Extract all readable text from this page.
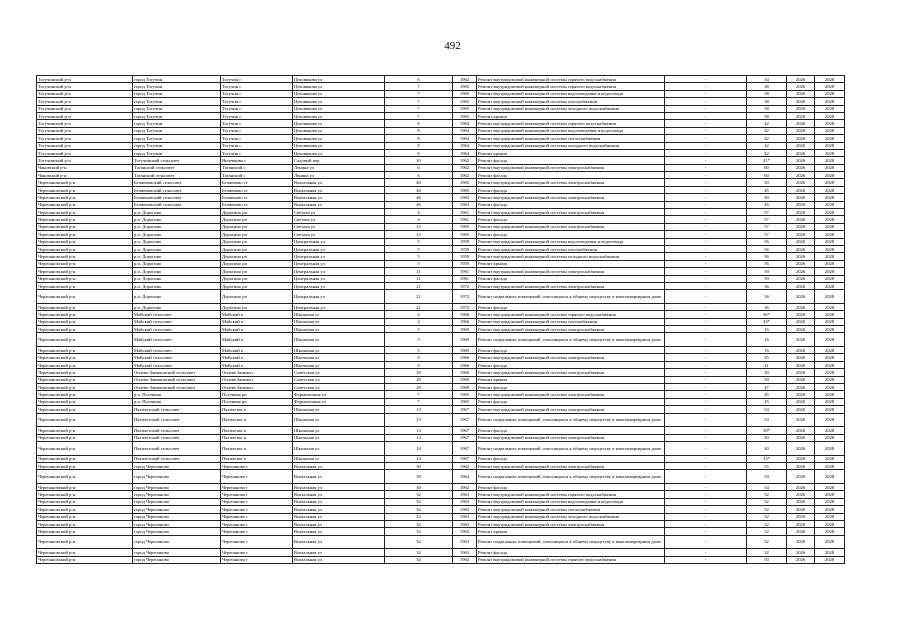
492
Тогучинский р-н	город Тогучин	Тогучин г	Цеховикова ул	6	1962	Ремонт внутридомовой инженерной системы горячего водоснабжения	-	34	2026	2028
Тогучинский р-н	город Тогучин	Тогучин г	Цеховикова ул	7	1965	Ремонт внутридомовой инженерной системы горячего водоснабжения	-	38	2026	2028
Тогучинский р-н	город Тогучин	Тогучин г	Цеховикова ул	7	1965	Ремонт внутридомовой инженерной системы водоотведения и водоотвода	-	38	2026	2028
Тогучинский р-н	город Тогучин	Тогучин г	Цеховикова ул	7	1965	Ремонт внутридомовой инженерной системы газоснабжения	-	38	2026	2028
Тогучинский р-н	город Тогучин	Тогучин г	Цеховикова ул	7	1965	Ремонт внутридомовой инженерной системы холодного водоснабжения	-	38	2026	2028
Тогучинский р-н	город Тогучин	Тогучин г	Цеховикова ул	7	1965	Ремонт крыши	-	38	2026	2028
Тогучинский р-н	город Тогучин	Тогучин г	Цеховикова ул	8	1964	Ремонт внутридомовой инженерной системы горячего водоснабжения	-	42	2026	2028
Тогучинский р-н	город Тогучин	Тогучин г	Цеховикова ул	8	1964	Ремонт внутридомовой инженерной системы водоотведения и водоотвода	-	42	2026	2028
Тогучинский р-н	город Тогучин	Тогучин г	Цеховикова ул	8	1964	Ремонт внутридомовой инженерной системы теплоснабжения	-	42	2026	2028
Тогучинский р-н	город Тогучин	Тогучин г	Цеховикова ул	8	1964	Ремонт внутридомовой инженерной системы холодного водоснабжения	-	42	2026	2028
Тогучинский р-н	город Тогучин	Тогучин г	Цеховикова ул	8	1964	Ремонт крыши	-	42	2026	2028
Тогучинский р-н	Тогучинский сельсовет	Янченково с	Садовый пер	10	1962	Ремонт фасада	-	41*	2026	2028
Чановский р-н	Таганский сельсовет	Таганский с	Ленина ул	6	1962	Ремонт внутридомовой инженерной системы электроснабжения	-	60	2026	2028
Чановский р-н	Таганский сельсовет	Таганский с	Ленина ул	6	1962	Ремонт фасада	-	60	2026	2028
Черепановский р-н	Безменовский сельсовет	Безменово ст	Вокзальная ул	40	1965	Ремонт внутридомовой инженерной системы электроснабжения	-	50	2026	2028
Черепановский р-н	Безменовский сельсовет	Безменово ст	Вокзальная ул	40	1965	Ремонт фасада	-	45	2026	2028
Черепановский р-н	Безменовский сельсовет	Безменово ст	Вокзальная ул	46	1963	Ремонт внутридомовой инженерной системы электроснабжения	-	50	2026	2028
Черепановский р-н	Безменовский сельсовет	Безменово ст	Вокзальная ул	46	1963	Ремонт фасада	-	45	2026	2028
Черепановский р-н	р.п. Дорогино	Дорогино рп	Светлая ул	4	1961	Ремонт внутридомовой инженерной системы электроснабжения	-	57	2026	2028
Черепановский р-н	р.п. Дорогино	Дорогино рп	Светлая ул	4	1961	Ремонт фасада	-	57	2026	2028
Черепановский р-н	р.п. Дорогино	Дорогино рп	Светлая ул	12	1965	Ремонт внутридомовой инженерной системы электроснабжения	-	57	2026	2028
Черепановский р-н	р.п. Дорогино	Дорогино рп	Светлая ул	12	1965	Ремонт фасада	-	57	2026	2028
Черепановский р-н	р.п. Дорогино	Дорогино рп	Центральная ул	5	1959	Ремонт внутридомовой инженерной системы водоотведения и водоотвода	-	56	2026	2028
Черепановский р-н	р.п. Дорогино	Дорогино рп	Центральная ул	5	1959	Ремонт внутридомовой инженерной системы газоснабжения	-	56	2026	2028
Черепановский р-н	р.п. Дорогино	Дорогино рп	Центральная ул	5	1959	Ремонт внутридомовой инженерной системы холодного водоснабжения	-	56	2026	2028
Черепановский р-н	р.п. Дорогино	Дорогино рп	Центральная ул	5	1959	Ремонт крыши	-	56	2026	2028
Черепановский р-н	р.п. Дорогино	Дорогино рп	Центральная ул	11	1961	Ремонт внутридомовой инженерной системы электроснабжения	-	39	2026	2028
Черепановский р-н	р.п. Дорогино	Дорогино рп	Центральная ул	11	1961	Ремонт фасада	-	39	2026	2028
Черепановский р-н	р.п. Дорогино	Дорогино рп	Центральная ул	21	1972	Ремонт внутридомовой инженерной системы электроснабжения	-	36	2026	2028
Черепановский р-н	р.п. Дорогино	Дорогино рп	Центральная ул	21	1972	Ремонт подвальных помещений, относящихся к общему имуществу в многоквартирном доме	-	36	2026	2028
Черепановский р-н	р.п. Дорогино	Дорогино рп	Центральная ул	21	1972	Ремонт фасада	-	36	2026	2028
Черепановский р-н	Майский сельсовет	Майский п	Школьная ул	4	1966	Ремонт внутридомовой инженерной системы горячего водоснабжения	-	36*	2026	2028
Черепановский р-н	Майский сельсовет	Майский п	Школьная ул	4	1966	Ремонт внутридомовой инженерной системы газоснабжения	-	33*	2026	2028
Черепановский р-н	Майский сельсовет	Майский п	Школьная ул	5	1969	Ремонт внутридомовой инженерной системы электроснабжения	-	16	2026	2028
Черепановский р-н	Майский сельсовет	Майский п	Школьная ул	5	1969	Ремонт подвальных помещений, относящихся к общему имуществу в многоквартирном доме	-	16	2026	2028
Черепановский р-н	Майский сельсовет	Майский п	Школьная ул	5	1969	Ремонт фасада	-	16	2026	2028
Черепановский р-н	Майский сельсовет	Майский п	Школьная ул	9	1966	Ремонт внутридомовой инженерной системы электроснабжения	-	25	2026	2028
Черепановский р-н	Майский сельсовет	Майский п	Школьная ул	9	1966	Ремонт фасада	-	21	2026	2028
Черепановский р-н	Огнево-Заимковский сельсовет	Огнева Заимка с	Советская ул	29	1960	Ремонт внутридомовой инженерной системы электроснабжения	-	50	2026	2028
Черепановский р-н	Огнево-Заимковский сельсовет	Огнева Заимка с	Советская ул	29	1960	Ремонт крыши	-	50	2026	2028
Черепановский р-н	Огнево-Заимковский сельсовет	Огнева Заимка с	Советская ул	29	1960	Ремонт фасада	-	47	2026	2028
Черепановский р-н	р.п. Посевная	Посевная рп	Формовочная ул	7	1965	Ремонт внутридомовой инженерной системы электроснабжения	-	45	2026	2028
Черепановский р-н	р.п. Посевная	Посевная рп	Формовочная ул	7	1965	Ремонт фасада	-	45	2026	2028
Черепановский р-н	Пятилетский сельсовет	Пятилетка п	Школьная ул	13	1967	Ремонт внутридомовой инженерной системы электроснабжения	-	54	2026	2028
Черепановский р-н	Пятилетский сельсовет	Пятилетка п	Школьная ул	13	1967	Ремонт подвальных помещений, относящихся к общему имуществу в многоквартирном доме	-	54	2026	2028
Черепановский р-н	Пятилетский сельсовет	Пятилетка п	Школьная ул	13	1967	Ремонт фасада	-	38*	2026	2028
Черепановский р-н	Пятилетский сельсовет	Пятилетка п	Школьная ул	14	1967	Ремонт внутридомовой инженерной системы электроснабжения	-	40	2026	2028
Черепановский р-н	Пятилетский сельсовет	Пятилетка п	Школьная ул	14	1967	Ремонт подвальных помещений, относящихся к общему имуществу в многоквартирном доме	-	40	2026	2028
Черепановский р-н	Пятилетский сельсовет	Пятилетка п	Школьная ул	14	1967	Ремонт фасада	-	33*	2026	2028
Черепановский р-н	город Черепаново	Черепаново г	Вокзальная ул	30	1962	Ремонт внутридомовой инженерной системы электроснабжения	-	55	2026	2028
Черепановский р-н	город Черепаново	Черепаново г	Вокзальная ул	30	1962	Ремонт подвальных помещений, относящихся к общему имуществу в многоквартирном доме	-	54	2026	2028
Черепановский р-н	город Черепаново	Черепаново г	Вокзальная ул	30	1962	Ремонт фасада	-	54	2026	2028
Черепановский р-н	город Черепаново	Черепаново г	Вокзальная ул	32	1963	Ремонт внутридомовой инженерной системы горячего водоснабжения	-	32	2026	2028
Черепановский р-н	город Черепаново	Черепаново г	Вокзальная ул	32	1963	Ремонт внутридомовой инженерной системы водоотведения и водоотвода	-	32	2026	2028
Черепановский р-н	город Черепаново	Черепаново г	Вокзальная ул	32	1963	Ремонт внутридомовой инженерной системы теплоснабжения	-	32	2026	2028
Черепановский р-н	город Черепаново	Черепаново г	Вокзальная ул	32	1963	Ремонт внутридомовой инженерной системы холодного водоснабжения	-	32	2026	2028
Черепановский р-н	город Черепаново	Черепаново г	Вокзальная ул	32	1963	Ремонт внутридомовой инженерной системы электроснабжения	-	32	2026	2028
Черепановский р-н	город Черепаново	Черепаново г	Вокзальная ул	32	1963	Ремонт крыши	-	32	2026	2028
Черепановский р-н	город Черепаново	Черепаново г	Вокзальная ул	32	1963	Ремонт подвальных помещений, относящихся к общему имуществу в многоквартирном доме	-	32	2026	2028
Черепановский р-н	город Черепаново	Черепаново г	Вокзальная ул	32	1963	Ремонт фасада	-	32	2026	2028
Черепановский р-н	город Черепаново	Черепаново г	Вокзальная ул	34	1964	Ремонт внутридомовой инженерной системы горячего водоснабжения	-	50	2026	2028
